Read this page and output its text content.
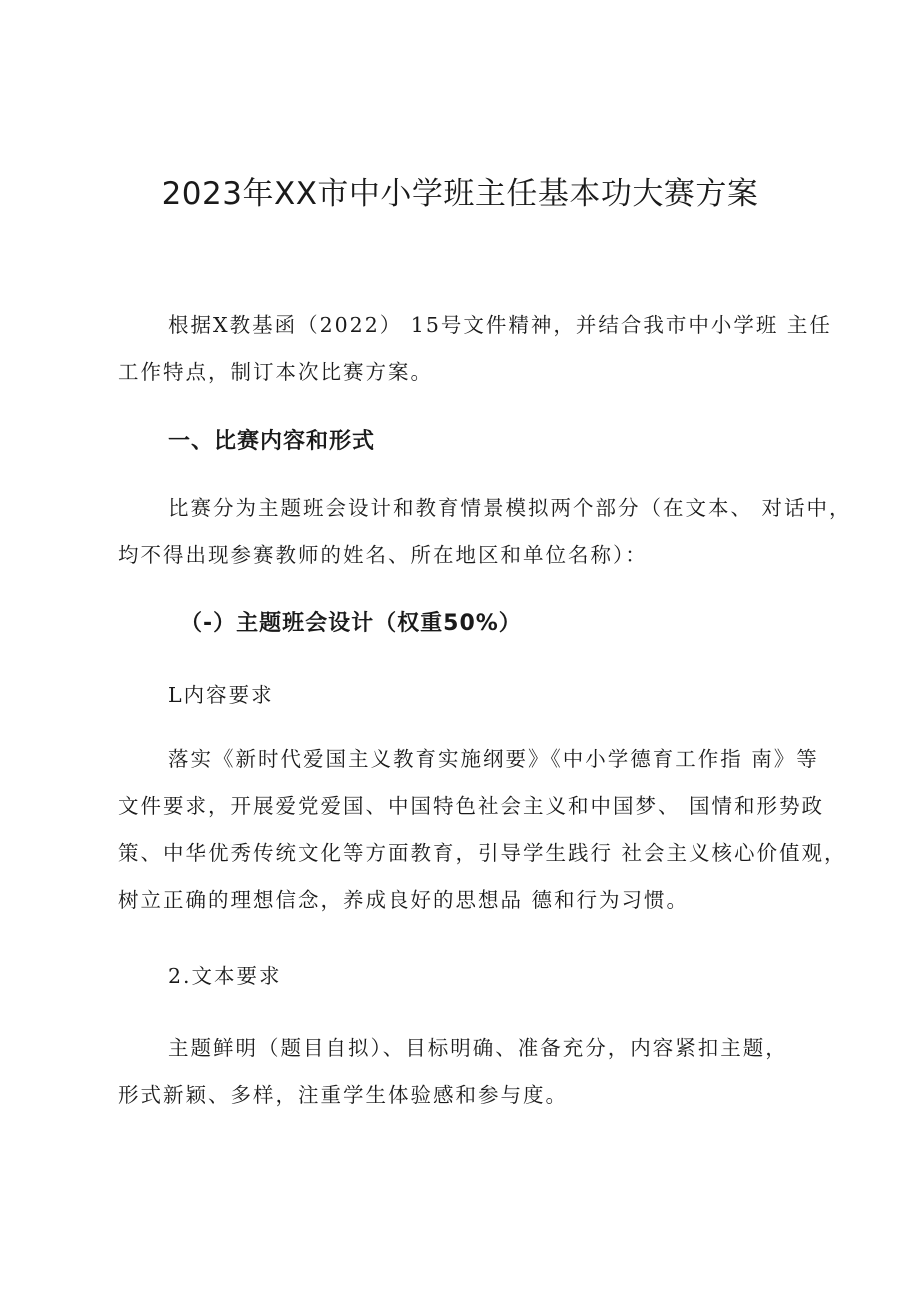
2023年XX市中小学班主任基本功大赛方案
根据X教基函（2022） 15号文件精神，并结合我市中小学班 主任
工作特点，制订本次比赛方案。
一、比赛内容和形式
比赛分为主题班会设计和教育情景模拟两个部分（在文本、 对话中，
均不得出现参赛教师的姓名、所在地区和单位名称）：
（-）主题班会设计（权重50%）

L内容要求

落实《新时代爱国主义教育实施纲要》《中小学德育工作指 南》等
文件要求，开展爱党爱国、中国特色社会主义和中国梦、 国情和形势政
策、中华优秀传统文化等方面教育，引导学生践行 社会主义核心价值观，
树立正确的理想信念，养成良好的思想品 德和行为习惯。

2.文本要求

主题鲜明（题目自拟）、目标明确、准备充分，内容紧扣主题，
形式新颖、多样，注重学生体验感和参与度。
